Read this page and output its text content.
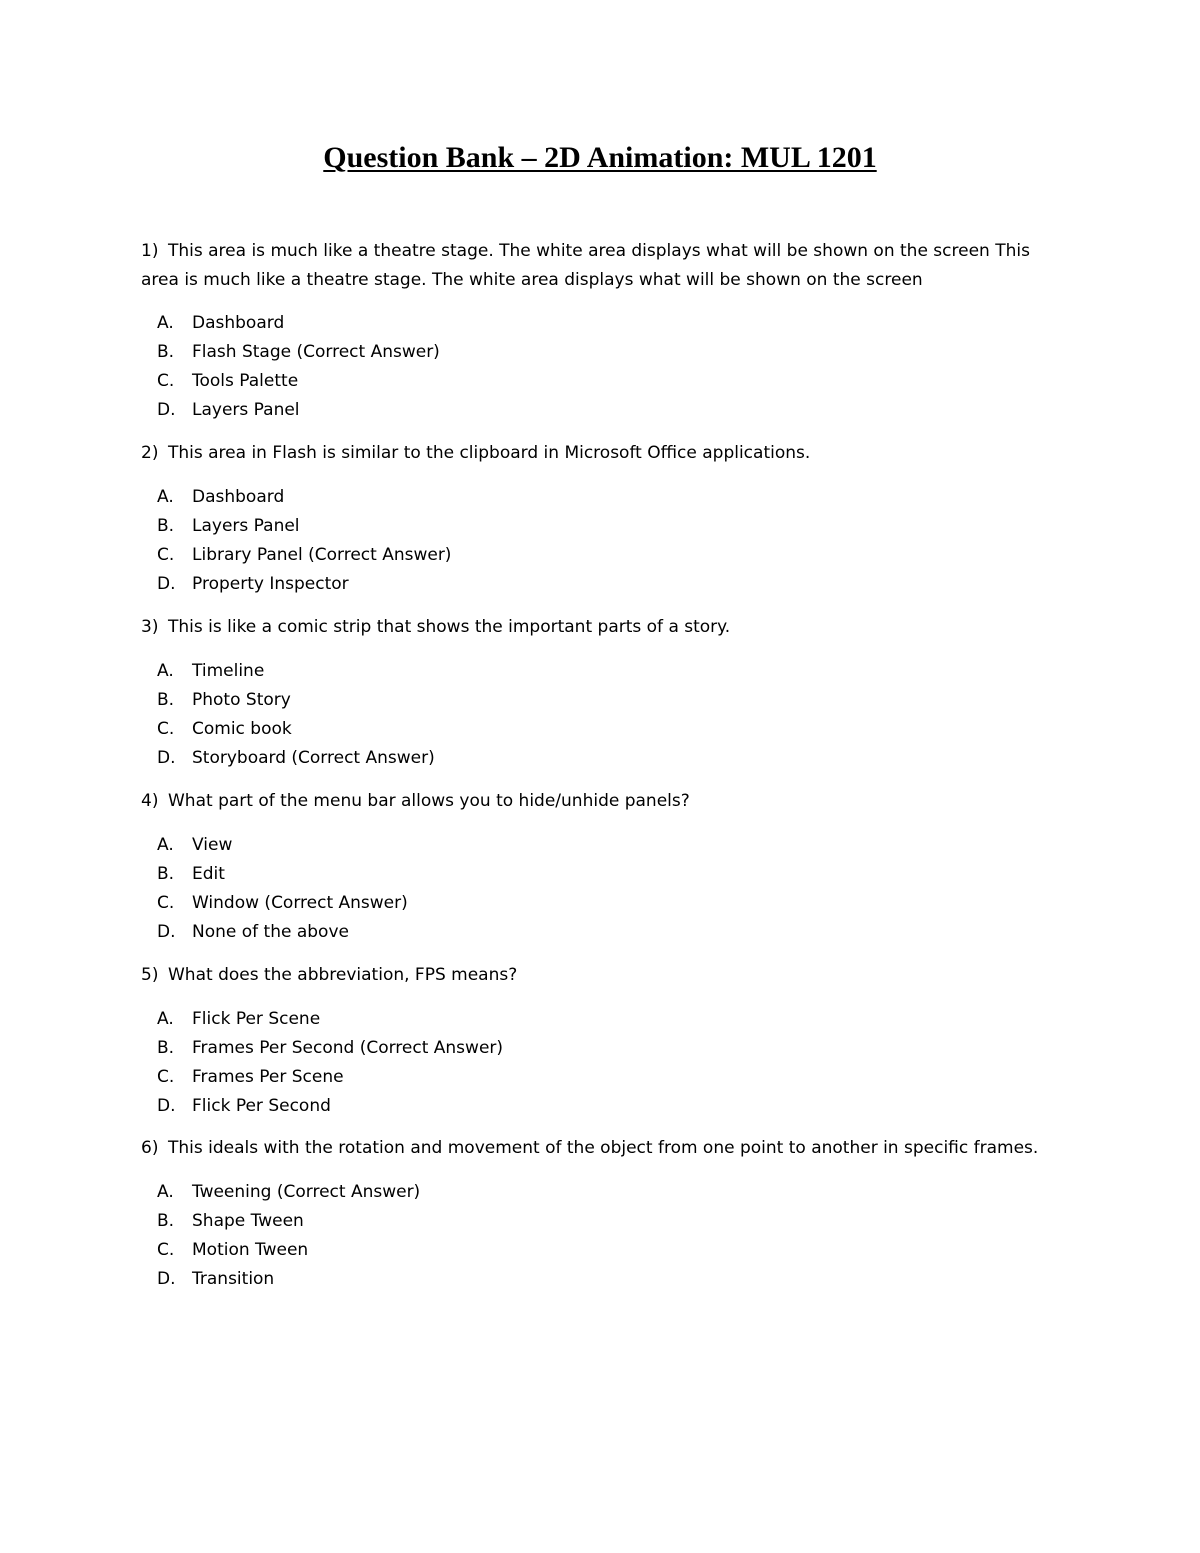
Question Bank – 2D Animation: MUL 1201

1) This area is much like a theatre stage. The white area displays what will be shown on the screen This area is much like a theatre stage. The white area displays what will be shown on the screen

A. Dashboard
B. Flash Stage (Correct Answer)
C. Tools Palette
D. Layers Panel

2) This area in Flash is similar to the clipboard in Microsoft Office applications.

A. Dashboard
B. Layers Panel
C. Library Panel (Correct Answer)
D. Property Inspector

3) This is like a comic strip that shows the important parts of a story.

A. Timeline
B. Photo Story
C. Comic book
D. Storyboard (Correct Answer)

4) What part of the menu bar allows you to hide/unhide panels?

A. View
B. Edit
C. Window (Correct Answer)
D. None of the above

5) What does the abbreviation, FPS means?

A. Flick Per Scene
B. Frames Per Second (Correct Answer)
C. Frames Per Scene
D. Flick Per Second

6) This ideals with the rotation and movement of the object from one point to another in specific frames.

A. Tweening (Correct Answer)
B. Shape Tween
C. Motion Tween
D. Transition
